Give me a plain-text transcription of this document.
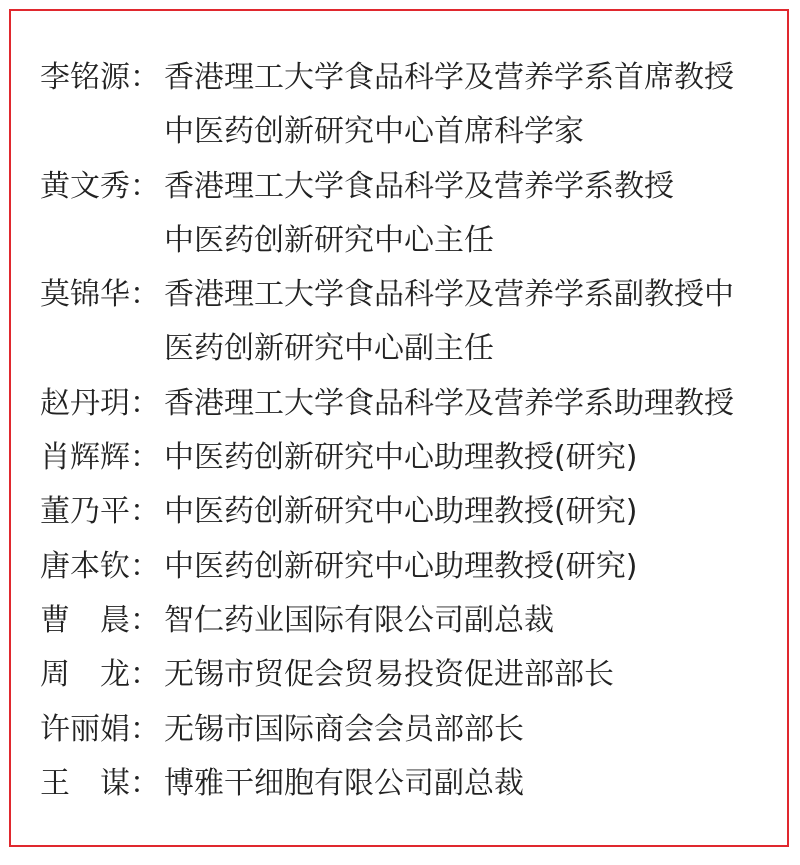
李铭源： 香港理工大学食品科学及营养学系首席教授
中医药创新研究中心首席科学家
黄文秀： 香港理工大学食品科学及营养学系教授
中医药创新研究中心主任
莫锦华： 香港理工大学食品科学及营养学系副教授中
医药创新研究中心副主任
赵丹玥： 香港理工大学食品科学及营养学系助理教授
肖辉辉： 中医药创新研究中心助理教授(研究)
董乃平： 中医药创新研究中心助理教授(研究)
唐本钦： 中医药创新研究中心助理教授(研究)
曹　晨： 智仁药业国际有限公司副总裁
周　龙： 无锡市贸促会贸易投资促进部部长
许丽娟： 无锡市国际商会会员部部长
王　谋： 博雅干细胞有限公司副总裁
